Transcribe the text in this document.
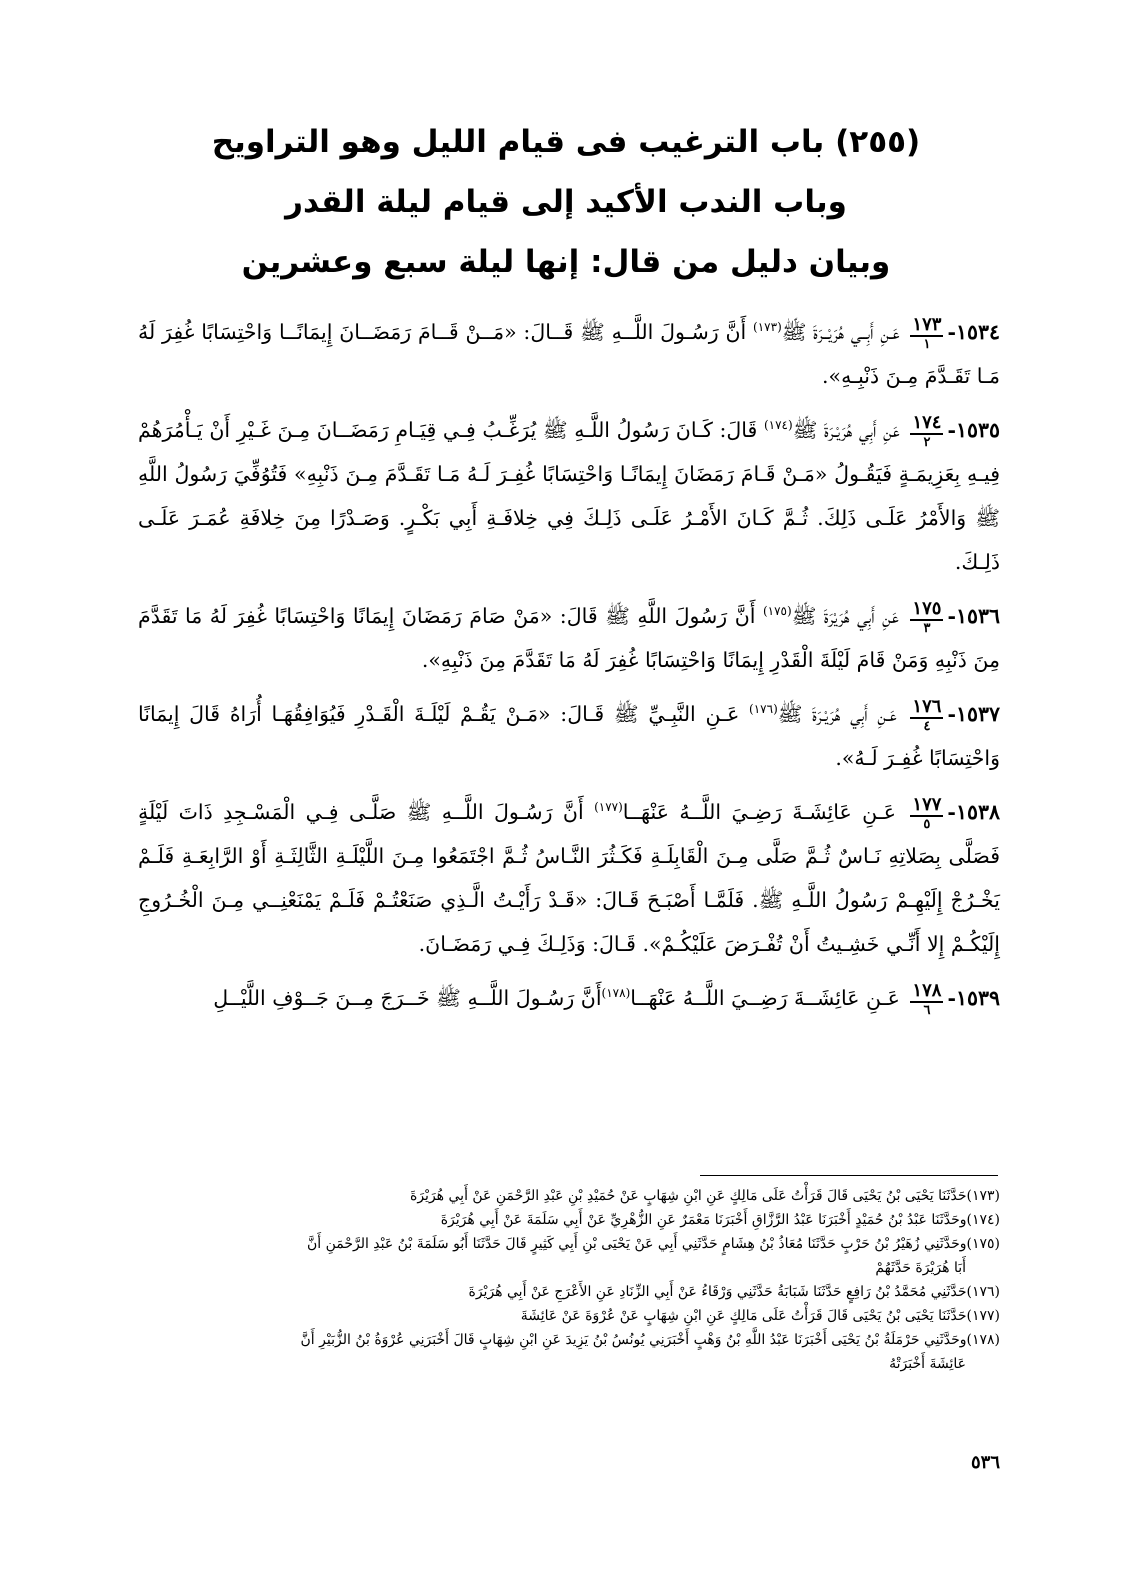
(٢٥٥) باب الترغيب فى قيام الليل وهو التراويح
وباب الندب الأكيد إلى قيام ليلة القدر
وبيان دليل من قال: إنها ليلة سبع وعشرين

١٥٣٤-
$\frac{١٧٣}{١}$
عَـنِ أَبِــي هُرَيْــرَةَ ﷺ$^{(١٧٣)}$ أَنَّ رَسُـولَ اللَّــهِ ﷺ قَــالَ: «مَــنْ قَــامَ رَمَضَــانَ إِيمَانًــا وَاحْتِسَابًا غُفِرَ لَهُ مَـا تَقَـدَّمَ مِـنَ ذَنْبِـهِ».

١٥٣٥-
$\frac{١٧٤}{٢}$
عَنِ أَبِي هُرَيْـرَةَ ﷺ$^{(١٧٤)}$ قَالَ: كَـانَ رَسُولُ اللَّـهِ ﷺ يُرَغِّـبُ فِـي قِيَـامِ رَمَضَــانَ مِـنَ غَـيْرِ أَنْ يَـأْمُرَهُمْ فِيـهِ بِعَزِيمَـةٍ فَيَقُـولُ «مَـنْ قَـامَ رَمَضَانَ إِيمَانًـا وَاحْتِسَابًا غُفِـرَ لَـهُ مَـا تَقَـدَّمَ مِـنَ ذَنْبِهِ» فَتُوُفِّيَ رَسُولُ اللَّهِ ﷺ وَالأَمْرُ عَلَـى ذَلِكَ. ثُـمَّ كَـانَ الأَمْـرُ عَلَـى ذَلِـكَ فِي خِلافَـةِ أَبِي بَكْـرٍ. وَصَـدْرًا مِنَ خِلافَةِ عُمَـرَ عَلَـى ذَلِـكَ.

١٥٣٦-
$\frac{١٧٥}{٣}$
عَنِ أَبِي هُرَيْرَةَ ﷺ$^{(١٧٥)}$ أَنَّ رَسُولَ اللَّهِ ﷺ قَالَ: «مَنْ صَامَ رَمَضَانَ إِيمَانًا وَاحْتِسَابًا غُفِرَ لَهُ مَا تَقَدَّمَ مِنَ ذَنْبِهِ وَمَنْ قَامَ لَيْلَةَ الْقَدْرِ إِيمَانًا وَاحْتِسَابًا غُفِرَ لَهُ مَا تَقَدَّمَ مِنَ ذَنْبِهِ».

١٥٣٧-
$\frac{١٧٦}{٤}$
عَـنِ أَبِي هُرَيْـرَةَ ﷺ$^{(١٧٦)}$ عَـنِ النَّبِـيِّ ﷺ قَـالَ: «مَـنْ يَقُـمْ لَيْلَـةَ الْقَـدْرِ فَيُوَافِقُهَـا أُرَاهُ قَالَ إِيمَانًا وَاحْتِسَابًا غُفِـرَ لَـهُ».

١٥٣٨-
$\frac{١٧٧}{٥}$
عَـنِ عَائِشَـةَ رَضِـيَ اللَّــهُ عَنْهَــا$^{(١٧٧)}$ أَنَّ رَسُـولَ اللَّــهِ ﷺ صَلَّـى فِـي الْمَسْـجِدِ ذَاتَ لَيْلَةٍ فَصَلَّى بِصَلاتِهِ نَـاسٌ ثُـمَّ صَلَّى مِـنَ الْقَابِلَـةِ فَكَـثُرَ النَّـاسُ ثُـمَّ اجْتَمَعُوا مِـنَ اللَّيْلَـةِ الثَّالِثَـةِ أَوْ الرَّابِعَـةِ فَلَـمْ يَخْـرُجْ إِلَيْهِـمْ رَسُولُ اللَّـهِ ﷺ. فَلَمَّـا أَصْبَـحَ قَـالَ: «قَـدْ رَأَيْـتُ الَّـذِي صَنَعْتُـمْ فَلَـمْ يَمْنَعْنِــي مِـنَ الْخُـرُوجِ إِلَيْكُـمْ إِلا أَنِّـي خَشِـيتُ أَنْ تُفْـرَضَ عَلَيْكُـمْ». قَـالَ: وَذَلِـكَ فِـي رَمَضَـانَ.

١٥٣٩-
$\frac{١٧٨}{٦}$
عَـنِ عَائِشَــةَ رَضِــيَ اللَّــهُ عَنْهَــا$^{(١٧٨)}$أَنَّ رَسُـولَ اللَّــهِ ﷺ خَــرَجَ مِــنَ جَــوْفِ اللَّيْــلِ

(١٧٣)حَدَّثَنَا يَحْيَى بْنُ يَحْيَى قَالَ قَرَأْتُ عَلَى مَالِكٍ عَنِ ابْنِ شِهَابٍ عَنْ حُمَيْدِ بْنِ عَبْدِ الرَّحْمَنِ عَنْ أَبِي هُرَيْرَةَ

(١٧٤)وحَدَّثَنَا عَبْدُ بْنُ حُمَيْدٍ أَخْبَرَنَا عَبْدُ الرَّزَّاقِ أَخْبَرَنَا مَعْمَرٌ عَنِ الزُّهْرِيِّ عَنْ أَبِي سَلَمَةَ عَنْ أَبِي هُرَيْرَةَ

(١٧٥)وحَدَّثَنِي زُهَيْرُ بْنُ حَرْبٍ حَدَّثَنَا مُعَاذُ بْنُ هِشَامٍ حَدَّثَنِي أَبِي عَنْ يَحْيَى بْنِ أَبِي كَثِيرٍ قَالَ حَدَّثَنَا أَبُو سَلَمَةَ بْنُ عَبْدِ الرَّحْمَنِ أَنَّ

أَبَا هُرَيْرَةَ حَدَّثَهُمْ

(١٧٦)حَدَّثَنِي مُحَمَّدُ بْنُ رَافِعٍ حَدَّثَنَا شَبَابَةُ حَدَّثَنِي وَرْقَاءُ عَنْ أَبِي الزِّنَادِ عَنِ الأَعْرَجِ عَنْ أَبِي هُرَيْرَةَ

(١٧٧)حَدَّثَنَا يَحْيَى بْنُ يَحْيَى قَالَ قَرَأْتُ عَلَى مَالِكٍ عَنِ ابْنِ شِهَابٍ عَنْ عُرْوَةَ عَنْ عَائِشَةَ

(١٧٨)وحَدَّثَنِي حَرْمَلَةُ بْنُ يَحْيَى أَخْبَرَنَا عَبْدُ اللَّهِ بْنُ وَهْبٍ أَخْبَرَنِي يُونُسُ بْنُ يَزِيدَ عَنِ ابْنِ شِهَابٍ قَالَ أَخْبَرَنِي عُرْوَةُ بْنُ الزُّبَيْرِ أَنَّ

عَائِشَةَ أَخْبَرَتْهُ

٥٣٦
